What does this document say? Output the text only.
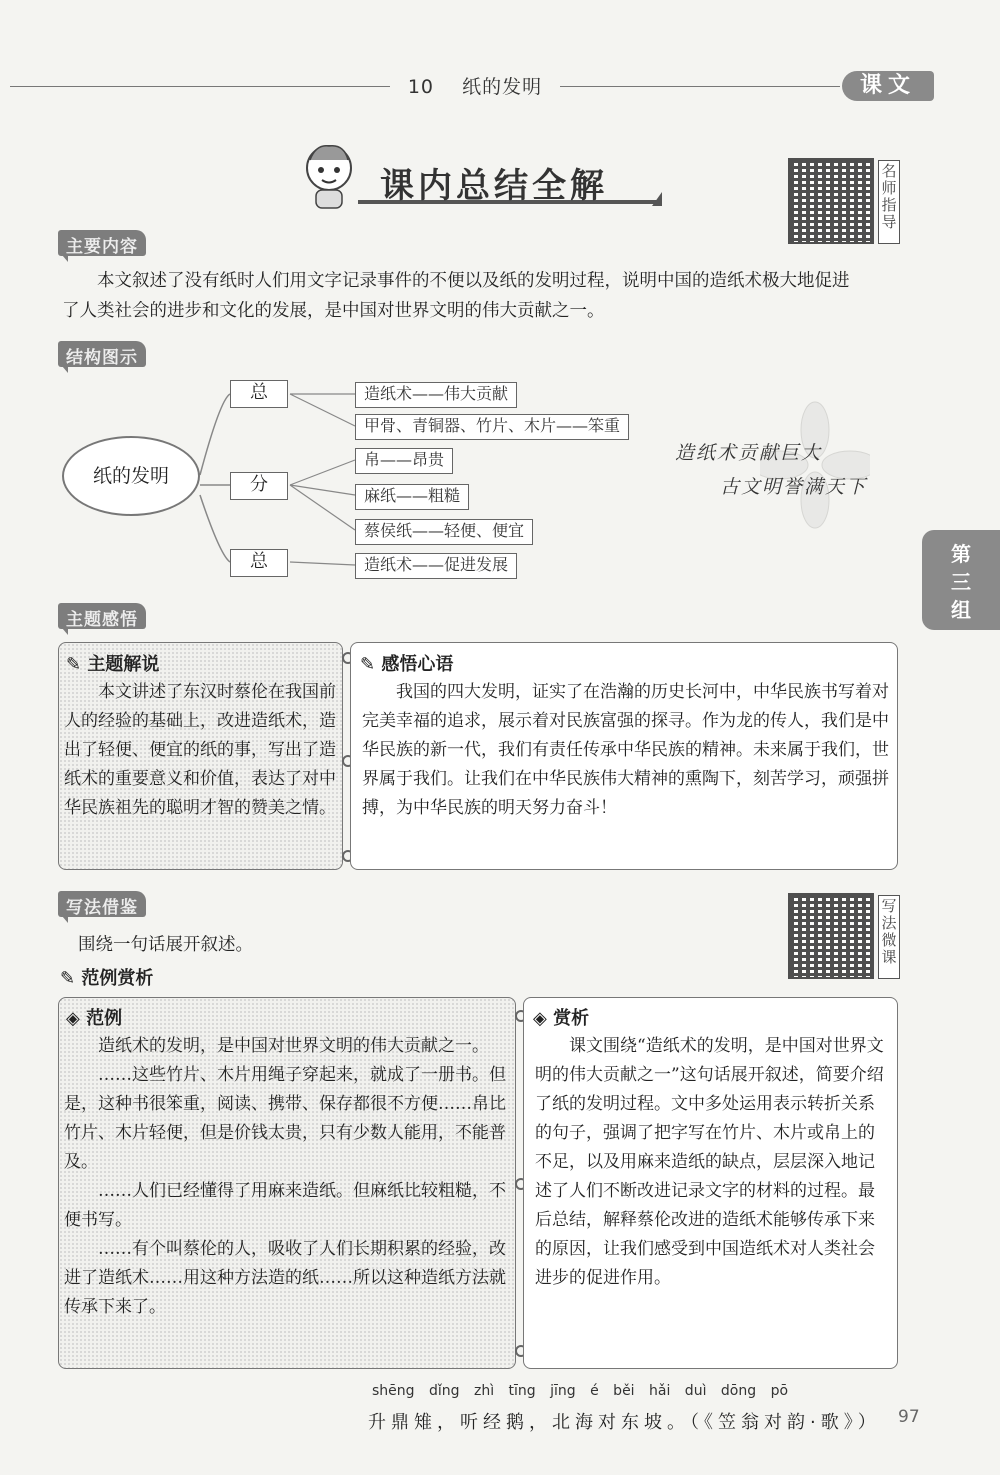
10 纸的发明	课文
课内总结全解	名师指导
主要内容
本文叙述了没有纸时人们用文字记录事件的不便以及纸的发明过程，说明中国的造纸术极大地促进了人类社会的进步和文化的发展，是中国对世界文明的伟大贡献之一。
结构图示
纸的发明
总
分
总
造纸术——伟大贡献
甲骨、青铜器、竹片、木片——笨重
帛——昂贵
麻纸——粗糙
蔡侯纸——轻便、便宜
造纸术——促进发展
造纸术贡献巨大
古文明誉满天下
第
三
组
主题感悟
✎ 主题解说
本文讲述了东汉时蔡伦在我国前人的经验的基础上，改进造纸术，造出了轻便、便宜的纸的事，写出了造纸术的重要意义和价值，表达了对中华民族祖先的聪明才智的赞美之情。
✎ 感悟心语
我国的四大发明，证实了在浩瀚的历史长河中，中华民族书写着对完美幸福的追求，展示着对民族富强的探寻。作为龙的传人，我们是中华民族的新一代，我们有责任传承中华民族的精神。未来属于我们，世界属于我们。让我们在中华民族伟大精神的熏陶下，刻苦学习，顽强拼搏，为中华民族的明天努力奋斗！
写法借鉴	写法微课
围绕一句话展开叙述。
✎ 范例赏析
◈ 范例

造纸术的发明，是中国对世界文明的伟大贡献之一。

……这些竹片、木片用绳子穿起来，就成了一册书。但是，这种书很笨重，阅读、携带、保存都很不方便……帛比竹片、木片轻便，但是价钱太贵，只有少数人能用，不能普及。

……人们已经懂得了用麻来造纸。但麻纸比较粗糙，不便书写。

……有个叫蔡伦的人，吸收了人们长期积累的经验，改进了造纸术……用这种方法造的纸……所以这种造纸方法就传承下来了。

◈ 赏析
课文围绕“造纸术的发明，是中国对世界文明的伟大贡献之一”这句话展开叙述，简要介绍了纸的发明过程。文中多处运用表示转折关系的句子，强调了把字写在竹片、木片或帛上的不足，以及用麻来造纸的缺点，层层深入地记述了人们不断改进记录文字的材料的过程。最后总结，解释蔡伦改进的造纸术能够传承下来的原因，让我们感受到中国造纸术对人类社会进步的促进作用。
shēng dǐng zhì tīng jīng é běi hǎi duì dōng pō
升鼎雉，听经鹅，北海对东坡。（《笠翁对韵·歌》） 97
